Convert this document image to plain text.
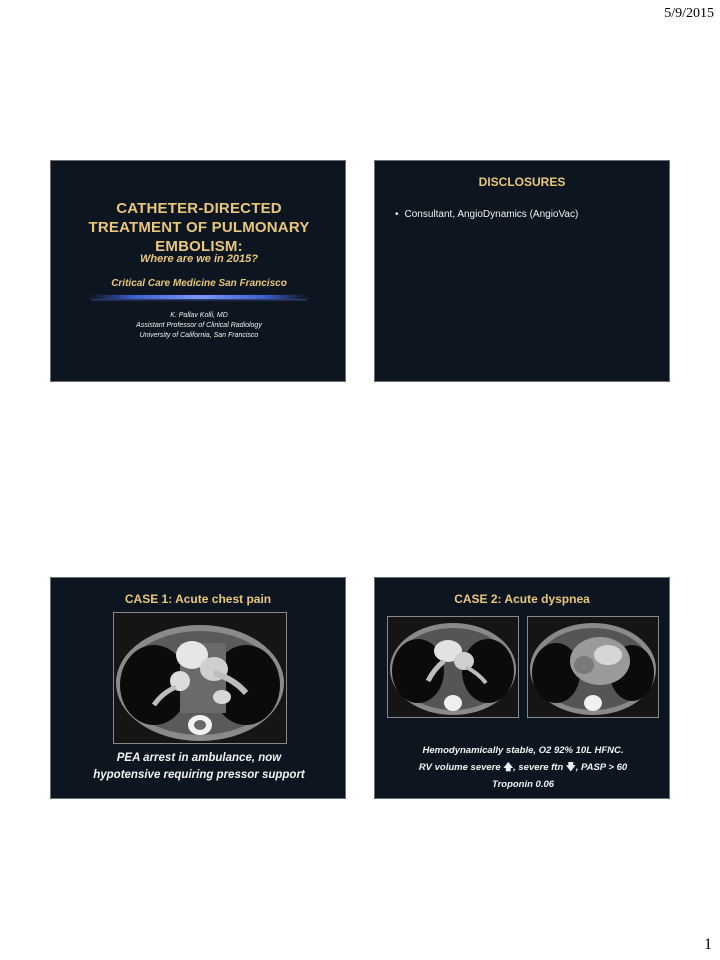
5/9/2015
CATHETER-DIRECTED
TREATMENT OF PULMONARY
EMBOLISM:
Where are we in 2015?
Critical Care Medicine San Francisco
K. Pallav Kolli, MD
Assistant Professor of Clinical Radiology
University of California, San Francisco
DISCLOSURES
• Consultant, AngioDynamics (AngioVac)
CASE 1: Acute chest pain
PEA arrest in ambulance, now
hypotensive requiring pressor support
CASE 2: Acute dyspnea
Hemodynamically stable, O2 92% 10L HFNC.
RV volume severe 🡅, severe ftn 🡇, PASP > 60
Troponin 0.06
1
